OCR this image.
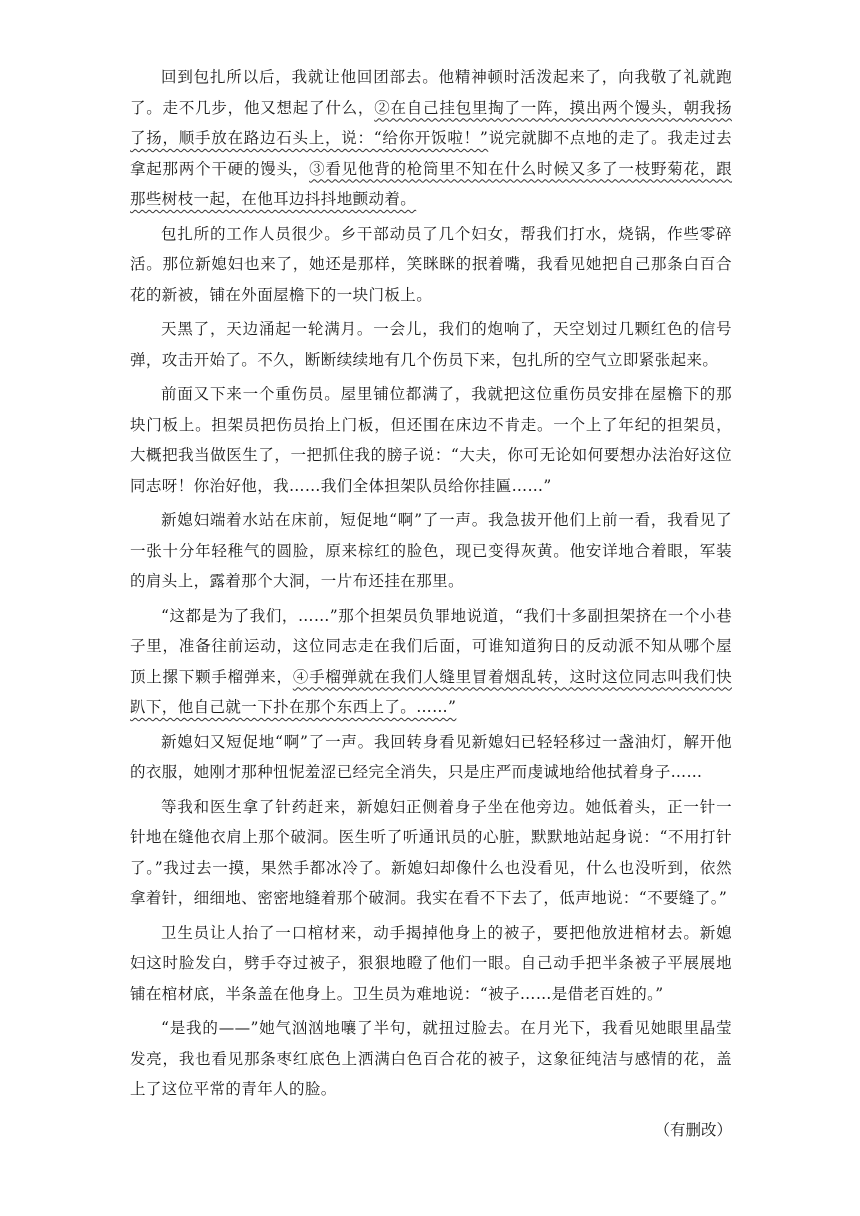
回到包扎所以后，我就让他回团部去。他精神顿时活泼起来了，向我敬了礼就跑了。走不几步，他又想起了什么，②在自己挂包里掏了一阵，摸出两个馒头，朝我扬了扬，顺手放在路边石头上，说：“给你开饭啦！”说完就脚不点地的走了。我走过去拿起那两个干硬的馒头，③看见他背的枪筒里不知在什么时候又多了一枝野菊花，跟那些树枝一起，在他耳边抖抖地颤动着。

包扎所的工作人员很少。乡干部动员了几个妇女，帮我们打水，烧锅，作些零碎活。那位新媳妇也来了，她还是那样，笑眯眯的抿着嘴，我看见她把自己那条白百合花的新被，铺在外面屋檐下的一块门板上。

天黑了，天边涌起一轮满月。一会儿，我们的炮响了，天空划过几颗红色的信号弹，攻击开始了。不久，断断续续地有几个伤员下来，包扎所的空气立即紧张起来。

前面又下来一个重伤员。屋里铺位都满了，我就把这位重伤员安排在屋檐下的那块门板上。担架员把伤员抬上门板，但还围在床边不肯走。一个上了年纪的担架员，大概把我当做医生了，一把抓住我的膀子说：“大夫，你可无论如何要想办法治好这位同志呀！你治好他，我……我们全体担架队员给你挂匾……”

新媳妇端着水站在床前，短促地“啊”了一声。我急拔开他们上前一看，我看见了一张十分年轻稚气的圆脸，原来棕红的脸色，现已变得灰黄。他安详地合着眼，军装的肩头上，露着那个大洞，一片布还挂在那里。

“这都是为了我们，……”那个担架员负罪地说道，“我们十多副担架挤在一个小巷子里，准备往前运动，这位同志走在我们后面，可谁知道狗日的反动派不知从哪个屋顶上摞下颗手榴弹来，④手榴弹就在我们人缝里冒着烟乱转，这时这位同志叫我们快趴下，他自己就一下扑在那个东西上了。……”

新媳妇又短促地“啊”了一声。我回转身看见新媳妇已轻轻移过一盏油灯，解开他的衣服，她刚才那种忸怩羞涩已经完全消失，只是庄严而虔诚地给他拭着身子……

等我和医生拿了针药赶来，新媳妇正侧着身子坐在他旁边。她低着头，正一针一针地在缝他衣肩上那个破洞。医生听了听通讯员的心脏，默默地站起身说：“不用打针了。”我过去一摸，果然手都冰冷了。新媳妇却像什么也没看见，什么也没听到，依然拿着针，细细地、密密地缝着那个破洞。我实在看不下去了，低声地说：“不要缝了。”

卫生员让人抬了一口棺材来，动手揭掉他身上的被子，要把他放进棺材去。新媳妇这时脸发白，劈手夺过被子，狠狠地瞪了他们一眼。自己动手把半条被子平展展地铺在棺材底，半条盖在他身上。卫生员为难地说：“被子……是借老百姓的。”

“是我的——”她气汹汹地嚷了半句，就扭过脸去。在月光下，我看见她眼里晶莹发亮，我也看见那条枣红底色上洒满白色百合花的被子，这象征纯洁与感情的花，盖上了这位平常的青年人的脸。

（有删改）
